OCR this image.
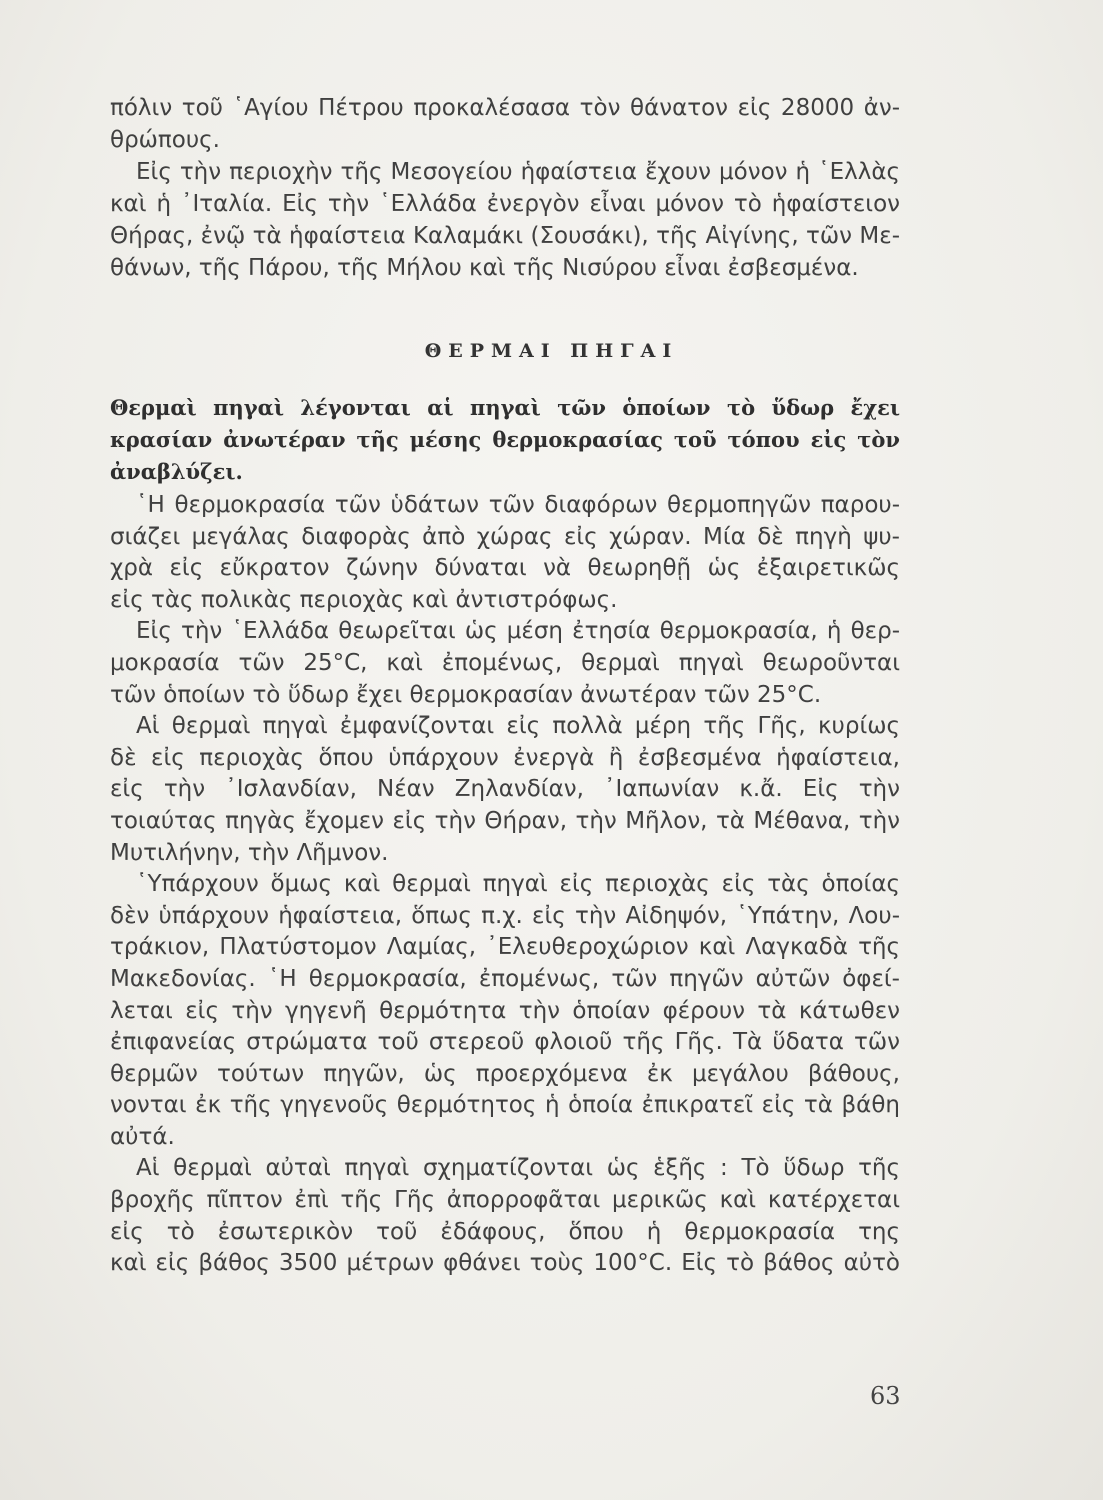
πόλιν τοῦ ῾Αγίου Πέτρου προκαλέσασα τὸν θάνατον εἰς 28000 ἀν-
θρώπους.
Εἰς τὴν περιοχὴν τῆς Μεσογείου ἡφαίστεια ἔχουν μόνον ἡ ῾Ελλὰς
καὶ ἡ ᾽Ιταλία. Εἰς τὴν ῾Ελλάδα ἐνεργὸν εἶναι μόνον τὸ ἡφαίστειον
Θήρας, ἐνῷ τὰ ἡφαίστεια Καλαμάκι (Σουσάκι), τῆς Αἰγίνης, τῶν Με-
θάνων, τῆς Πάρου, τῆς Μήλου καὶ τῆς Νισύρου εἶναι ἐσβεσμένα.
ΘΕΡΜΑΙ ΠΗΓΑΙ
Θερμαὶ πηγαὶ λέγονται αἱ πηγαὶ τῶν ὁποίων τὸ ὕδωρ ἔχει
κρασίαν ἀνωτέραν τῆς μέσης θερμοκρασίας τοῦ τόπου εἰς τὸν
ἀναβλύζει.
῾Η θερμοκρασία τῶν ὑδάτων τῶν διαφόρων θερμοπηγῶν παρου-
σιάζει μεγάλας διαφορὰς ἀπὸ χώρας εἰς χώραν. Μία δὲ πηγὴ ψυ-
χρὰ εἰς εὔκρατον ζώνην δύναται νὰ θεωρηθῇ ὡς ἐξαιρετικῶς
εἰς τὰς πολικὰς περιοχὰς καὶ ἀντιστρόφως.
Εἰς τὴν ῾Ελλάδα θεωρεῖται ὡς μέση ἐτησία θερμοκρασία, ἡ θερ-
μοκρασία τῶν 25°C, καὶ ἐπομένως, θερμαὶ πηγαὶ θεωροῦνται
τῶν ὁποίων τὸ ὕδωρ ἔχει θερμοκρασίαν ἀνωτέραν τῶν 25°C.
Αἱ θερμαὶ πηγαὶ ἐμφανίζονται εἰς πολλὰ μέρη τῆς Γῆς, κυρίως
δὲ εἰς περιοχὰς ὅπου ὑπάρχουν ἐνεργὰ ἢ ἐσβεσμένα ἡφαίστεια,
εἰς τὴν ᾽Ισλανδίαν, Νέαν Ζηλανδίαν, ᾽Ιαπωνίαν κ.ἄ. Εἰς τὴν
τοιαύτας πηγὰς ἔχομεν εἰς τὴν Θήραν, τὴν Μῆλον, τὰ Μέθανα, τὴν
Μυτιλήνην, τὴν Λῆμνον.
῾Υπάρχουν ὅμως καὶ θερμαὶ πηγαὶ εἰς περιοχὰς εἰς τὰς ὁποίας
δὲν ὑπάρχουν ἡφαίστεια, ὅπως π.χ. εἰς τὴν Αἰδηψόν, ῾Υπάτην, Λου-
τράκιον, Πλατύστομον Λαμίας, ᾽Ελευθεροχώριον καὶ Λαγκαδὰ τῆς
Μακεδονίας. ῾Η θερμοκρασία, ἐπομένως, τῶν πηγῶν αὐτῶν ὀφεί-
λεται εἰς τὴν γηγενῆ θερμότητα τὴν ὁποίαν φέρουν τὰ κάτωθεν
ἐπιφανείας στρώματα τοῦ στερεοῦ φλοιοῦ τῆς Γῆς. Τὰ ὕδατα τῶν
θερμῶν τούτων πηγῶν, ὡς προερχόμενα ἐκ μεγάλου βάθους,
νονται ἐκ τῆς γηγενοῦς θερμότητος ἡ ὁποία ἐπικρατεῖ εἰς τὰ βάθη
αὐτά.
Αἱ θερμαὶ αὐταὶ πηγαὶ σχηματίζονται ὡς ἑξῆς : Τὸ ὕδωρ τῆς
βροχῆς πῖπτον ἐπὶ τῆς Γῆς ἀπορροφᾶται μερικῶς καὶ κατέρχεται
εἰς τὸ ἐσωτερικὸν τοῦ ἐδάφους, ὅπου ἡ θερμοκρασία της
καὶ εἰς βάθος 3500 μέτρων φθάνει τοὺς 100°C. Εἰς τὸ βάθος αὐτὸ
63
